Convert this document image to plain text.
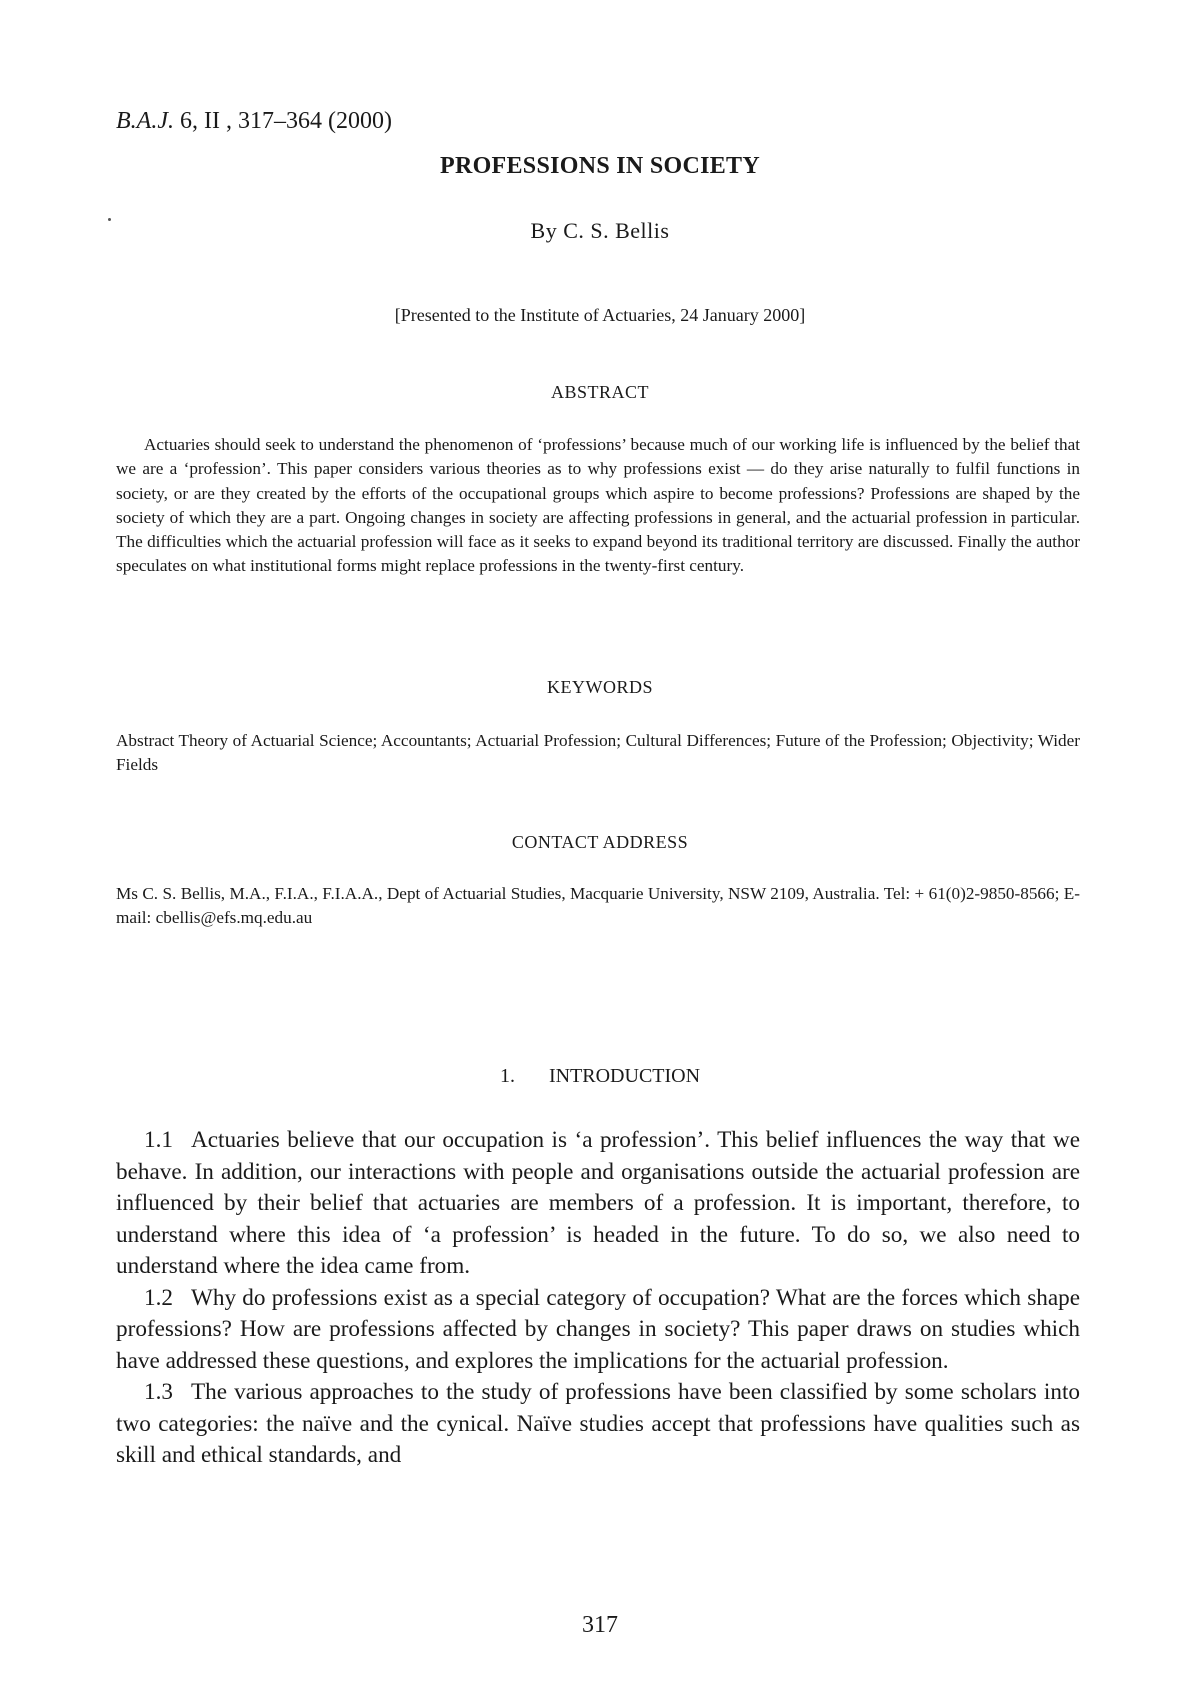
B.A.J. 6, II , 317–364 (2000)
PROFESSIONS IN SOCIETY
By C. S. Bellis
[Presented to the Institute of Actuaries, 24 January 2000]
ABSTRACT
Actuaries should seek to understand the phenomenon of ‘professions’ because much of our working life is influenced by the belief that we are a ‘profession’. This paper considers various theories as to why professions exist — do they arise naturally to fulfil functions in society, or are they created by the efforts of the occupational groups which aspire to become professions? Professions are shaped by the society of which they are a part. Ongoing changes in society are affecting professions in general, and the actuarial profession in particular. The difficulties which the actuarial profession will face as it seeks to expand beyond its traditional territory are discussed. Finally the author speculates on what institutional forms might replace professions in the twenty-first century.
KEYWORDS
Abstract Theory of Actuarial Science; Accountants; Actuarial Profession; Cultural Differences; Future of the Profession; Objectivity; Wider Fields
CONTACT ADDRESS
Ms C. S. Bellis, M.A., F.I.A., F.I.A.A., Dept of Actuarial Studies, Macquarie University, NSW 2109, Australia. Tel: + 61(0)2-9850-8566; E-mail: cbellis@efs.mq.edu.au
1. INTRODUCTION

1.1 Actuaries believe that our occupation is ‘a profession’. This belief influences the way that we behave. In addition, our interactions with people and organisations outside the actuarial profession are influenced by their belief that actuaries are members of a profession. It is important, therefore, to understand where this idea of ‘a profession’ is headed in the future. To do so, we also need to understand where the idea came from.

1.2 Why do professions exist as a special category of occupation? What are the forces which shape professions? How are professions affected by changes in society? This paper draws on studies which have addressed these questions, and explores the implications for the actuarial profession.

1.3 The various approaches to the study of professions have been classified by some scholars into two categories: the naïve and the cynical. Naïve studies accept that professions have qualities such as skill and ethical standards, and

317
